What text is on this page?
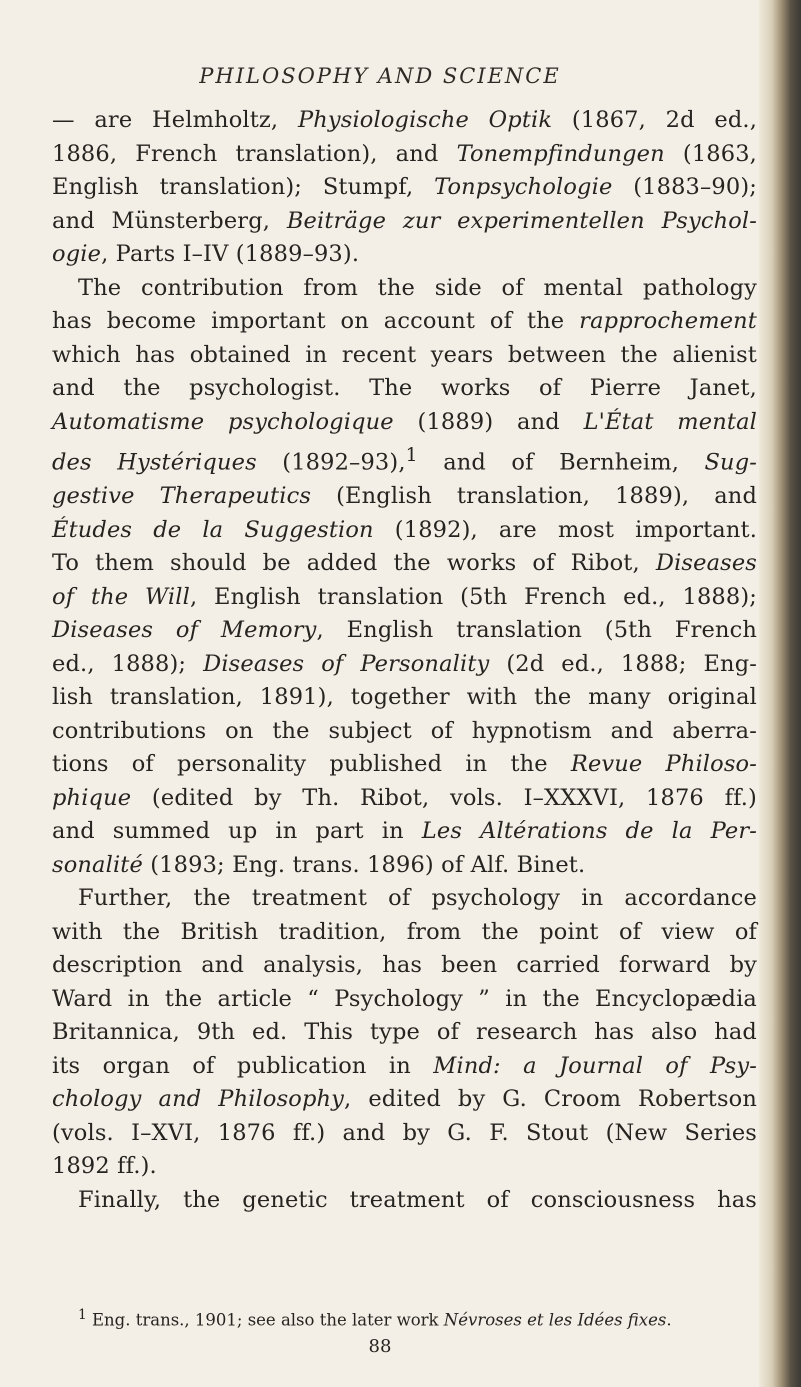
PHILOSOPHY AND SCIENCE
— are Helmholtz, Physiologische Optik (1867, 2d ed.,
1886, French translation), and Tonempfindungen (1863,
English translation); Stumpf, Tonpsychologie (1883–90);
and Münsterberg, Beiträge zur experimentellen Psychol-
ogie, Parts I–IV (1889–93).
The contribution from the side of mental pathology
has become important on account of the rapprochement
which has obtained in recent years between the alienist
and the psychologist. The works of Pierre Janet,
Automatisme psychologique (1889) and L'État mental
des Hystériques (1892–93),$^1$ and of Bernheim, Sug-
gestive Therapeutics (English translation, 1889), and
Études de la Suggestion (1892), are most important.
To them should be added the works of Ribot, Diseases
of the Will, English translation (5th French ed., 1888);
Diseases of Memory, English translation (5th French
ed., 1888); Diseases of Personality (2d ed., 1888; Eng-
lish translation, 1891), together with the many original
contributions on the subject of hypnotism and aberra-
tions of personality published in the Revue Philoso-
phique (edited by Th. Ribot, vols. I–XXXVI, 1876 ff.)
and summed up in part in Les Altérations de la Per-
sonalité (1893; Eng. trans. 1896) of Alf. Binet.
Further, the treatment of psychology in accordance
with the British tradition, from the point of view of
description and analysis, has been carried forward by
Ward in the article “ Psychology ” in the Encyclopædia
Britannica, 9th ed. This type of research has also had
its organ of publication in Mind: a Journal of Psy-
chology and Philosophy, edited by G. Croom Robertson
(vols. I–XVI, 1876 ff.) and by G. F. Stout (New Series
1892 ff.).
Finally, the genetic treatment of consciousness has
$^1$ Eng. trans., 1901; see also the later work Névroses et les Idées fixes.
88
